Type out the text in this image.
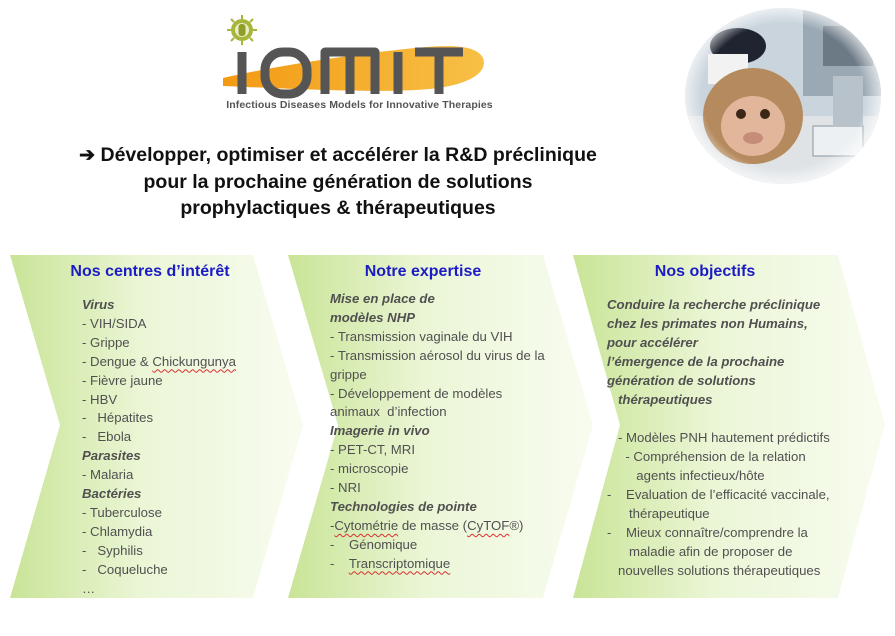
Infectious Diseases Models for Innovative Therapies
➔ Développer, optimiser et accélérer la R&D préclinique
pour la prochaine génération de solutions
prophylactiques & thérapeutiques
Nos centres d’intérêt
Virus
- VIH/SIDA
- Grippe
- Dengue & Chickungunya
- Fièvre jaune
- HBV
-   Hépatites
-   Ebola
Parasites
- Malaria
Bactéries
- Tuberculose
- Chlamydia
-   Syphilis
-   Coqueluche
…
Notre expertise
Mise en place de
modèles NHP
- Transmission vaginale du VIH
- Transmission aérosol du virus de la
grippe
- Développement de modèles
animaux  d’infection
Imagerie in vivo
- PET-CT, MRI
- microscopie
- NRI
Technologies de pointe
-Cytométrie de masse (CyTOF®)
-    Génomique
-    Transcriptomique
Nos objectifs
Conduire la recherche préclinique
chez les primates non Humains,
pour accélérer
l’émergence de la prochaine
génération de solutions
thérapeutiques
- Modèles PNH hautement prédictifs
- Compréhension de la relation
agents infectieux/hôte
-    Evaluation de l’efficacité vaccinale,
thérapeutique
-    Mieux connaître/comprendre la
maladie afin de proposer de
nouvelles solutions thérapeutiques
